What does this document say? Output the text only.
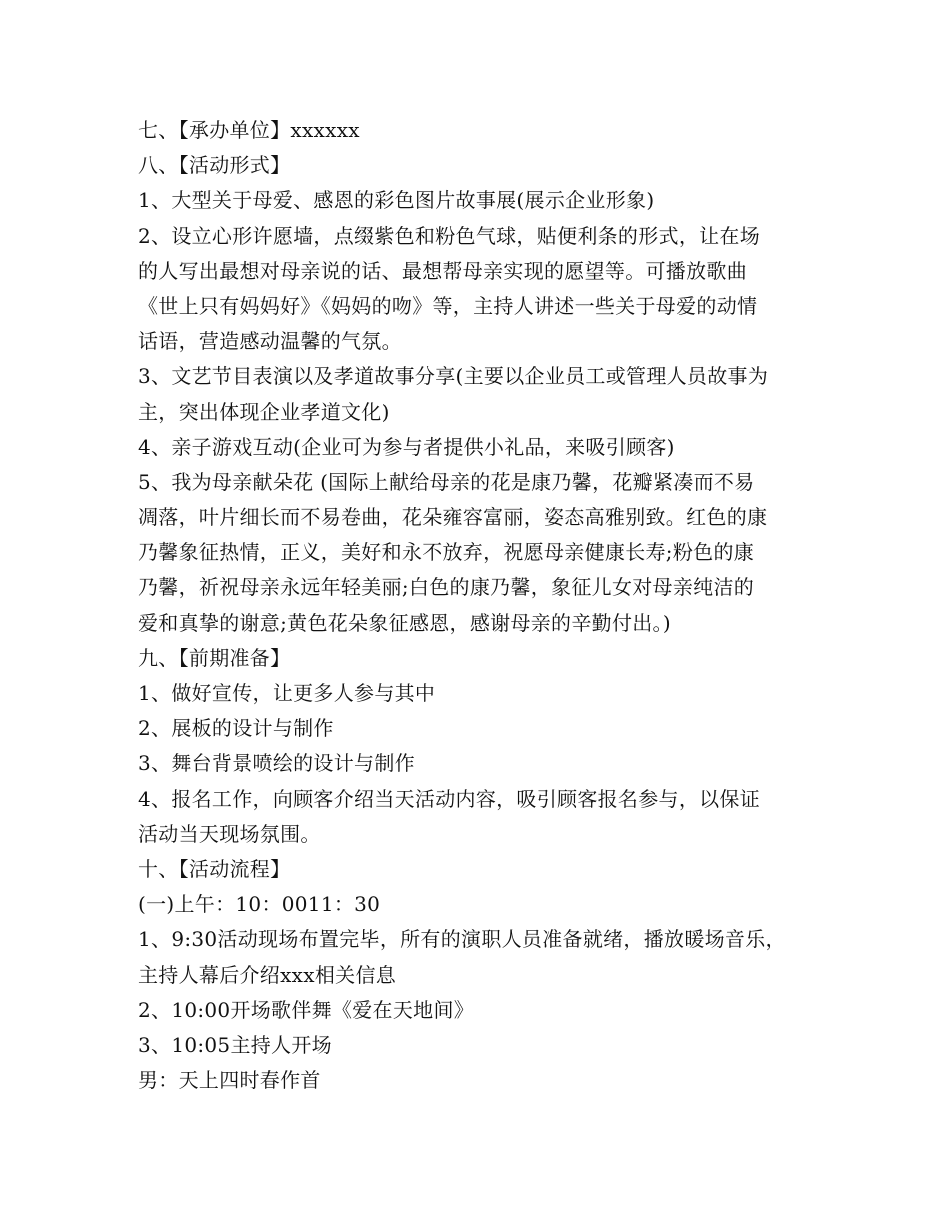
七、【承办单位】xxxxxx
八、【活动形式】
1、大型关于母爱、感恩的彩色图片故事展(展示企业形象)
2、设立心形许愿墙，点缀紫色和粉色气球，贴便利条的形式，让在场
的人写出最想对母亲说的话、最想帮母亲实现的愿望等。可播放歌曲
《世上只有妈妈好》《妈妈的吻》等，主持人讲述一些关于母爱的动情
话语，营造感动温馨的气氛。
3、文艺节目表演以及孝道故事分享(主要以企业员工或管理人员故事为
主，突出体现企业孝道文化)
4、亲子游戏互动(企业可为参与者提供小礼品，来吸引顾客)
5、我为母亲献朵花 (国际上献给母亲的花是康乃馨，花瓣紧凑而不易
凋落，叶片细长而不易卷曲，花朵雍容富丽，姿态高雅别致。红色的康
乃馨象征热情，正义，美好和永不放弃，祝愿母亲健康长寿;粉色的康
乃馨，祈祝母亲永远年轻美丽;白色的康乃馨，象征儿女对母亲纯洁的
爱和真挚的谢意;黄色花朵象征感恩，感谢母亲的辛勤付出。)
九、【前期准备】
1、做好宣传，让更多人参与其中
2、展板的设计与制作
3、舞台背景喷绘的设计与制作
4、报名工作，向顾客介绍当天活动内容，吸引顾客报名参与，以保证
活动当天现场氛围。
十、【活动流程】
(一)上午：10：0011：30
1、9:30活动现场布置完毕，所有的演职人员准备就绪，播放暖场音乐，
主持人幕后介绍xxx相关信息
2、10:00开场歌伴舞《爱在天地间》
3、10:05主持人开场
男：天上四时春作首
